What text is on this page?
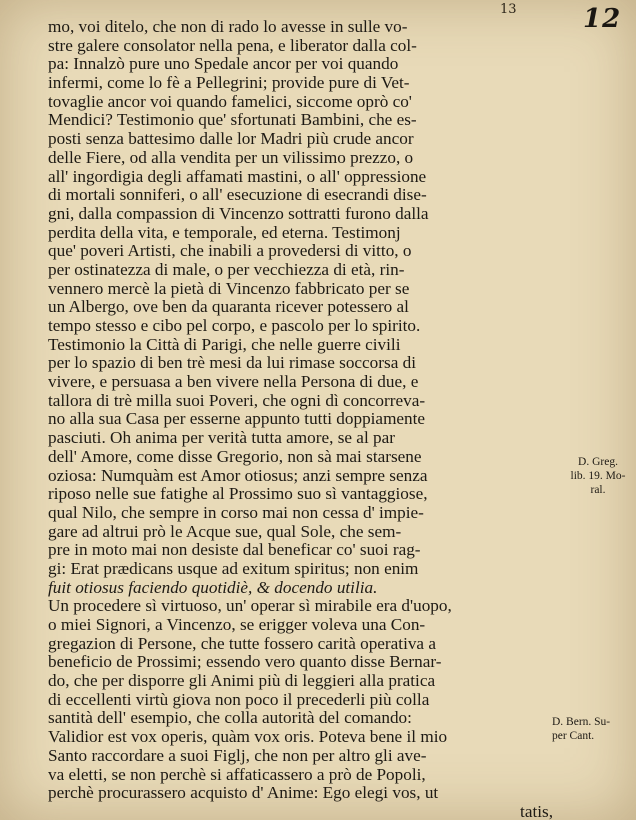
13	12
mo, voi ditelo, che non di rado lo avesse in sulle vo-
stre galere consolator nella pena, e liberator dalla col-
pa: Innalzò pure uno Spedale ancor per voi quando
infermi, come lo fè a Pellegrini; provide pure di Vet-
tovaglie ancor voi quando famelici, siccome oprò co'
Mendici? Testimonio que' sfortunati Bambini, che es-
posti senza battesimo dalle lor Madri più crude ancor
delle Fiere, od alla vendita per un vilissimo prezzo, o
all' ingordigia degli affamati mastini, o all' oppressione
di mortali sonniferi, o all' esecuzione di esecrandi dise-
gni, dalla compassion di Vincenzo sottratti furono dalla
perdita della vita, e temporale, ed eterna. Testimonj
que' poveri Artisti, che inabili a provedersi di vitto, o
per ostinatezza di male, o per vecchiezza di età, rin-
vennero mercè la pietà di Vincenzo fabbricato per se
un Albergo, ove ben da quaranta ricever potessero al
tempo stesso e cibo pel corpo, e pascolo per lo spirito.
Testimonio la Città di Parigi, che nelle guerre civili
per lo spazio di ben trè mesi da lui rimase soccorsa di
vivere, e persuasa a ben vivere nella Persona di due, e
tallora di trè milla suoi Poveri, che ogni dì concorreva-
no alla sua Casa per esserne appunto tutti doppiamente
pasciuti. Oh anima per verità tutta amore, se al par
dell' Amore, come disse Gregorio, non sà mai starsene
oziosa: Numquàm est Amor otiosus; anzi sempre senza
riposo nelle sue fatighe al Prossimo suo sì vantaggiose,
qual Nilo, che sempre in corso mai non cessa d' impie-
gare ad altrui prò le Acque sue, qual Sole, che sem-
pre in moto mai non desiste dal beneficar co' suoi rag-
gi: Erat prædicans usque ad exitum spiritus; non enim
fuit otiosus faciendo quotidiè, & docendo utilia.
Un procedere sì virtuoso, un' operar sì mirabile era d'uopo,
o miei Signori, a Vincenzo, se erigger voleva una Con-
gregazion di Persone, che tutte fossero carità operativa a
beneficio de Prossimi; essendo vero quanto disse Bernar-
do, che per disporre gli Animi più di leggieri alla pratica
di eccellenti virtù giova non poco il precederli più colla
santità dell' esempio, che colla autorità del comando:
Validior est vox operis, quàm vox oris. Poteva bene il mio
Santo raccordare a suoi Figlj, che non per altro gli ave-
va eletti, se non perchè si affaticassero a prò de Popoli,
perchè procurassero acquisto d' Anime: Ego elegi vos, ut
tatis,
D. Greg.
lib. 19. Mo-
ral.
D. Bern. Su-
per Cant.
